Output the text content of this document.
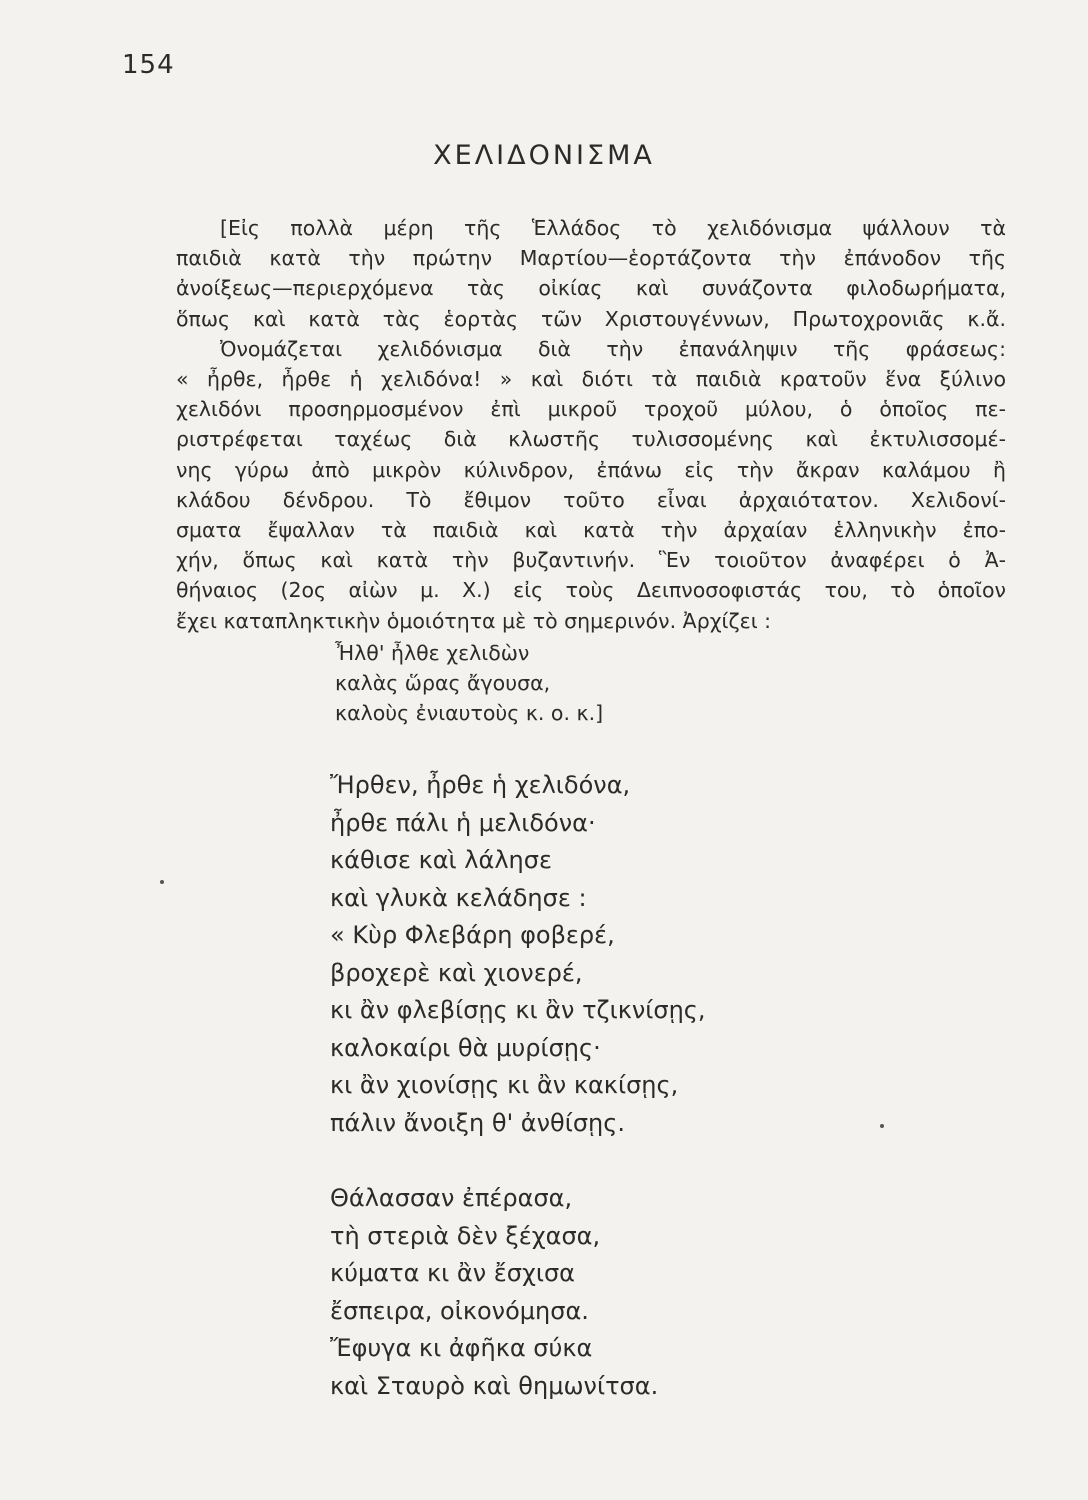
154
ΧΕΛΙΔΟΝΙΣΜΑ
[Εἰς πολλὰ μέρη τῆς Ἑλλάδος τὸ χελιδόνισμα ψάλλουν τὰ
παιδιὰ κατὰ τὴν πρώτην Μαρτίου—ἑορτάζοντα τὴν ἐπάνοδον τῆς
ἀνοίξεως—περιερχόμενα τὰς οἰκίας καὶ συνάζοντα φιλοδωρήματα,
ὅπως καὶ κατὰ τὰς ἑορτὰς τῶν Χριστουγέννων, Πρωτοχρονιᾶς κ.ἄ.
Ὀνομάζεται χελιδόνισμα διὰ τὴν ἐπανάληψιν τῆς φράσεως:
« ἦρθε, ἦρθε ἡ χελιδόνα! » καὶ διότι τὰ παιδιὰ κρατοῦν ἕνα ξύλινο
χελιδόνι προσηρμοσμένον ἐπὶ μικροῦ τροχοῦ μύλου, ὁ ὁποῖος πε-
ριστρέφεται ταχέως διὰ κλωστῆς τυλισσομένης καὶ ἐκτυλισσομέ-
νης γύρω ἀπὸ μικρὸν κύλινδρον, ἐπάνω εἰς τὴν ἄκραν καλάμου ἢ
κλάδου δένδρου. Τὸ ἔθιμον τοῦτο εἶναι ἀρχαιότατον. Χελιδονί-
σματα ἔψαλλαν τὰ παιδιὰ καὶ κατὰ τὴν ἀρχαίαν ἑλληνικὴν ἐπο-
χήν, ὅπως καὶ κατὰ τὴν βυζαντινήν. Ἓν τοιοῦτον ἀναφέρει ὁ Ἀ-
θήναιος (2ος αἰὼν μ. Χ.) εἰς τοὺς Δειπνοσοφιστάς του, τὸ ὁποῖον
ἔχει καταπληκτικὴν ὁμοιότητα μὲ τὸ σημερινόν. Ἀρχίζει :
Ἦλθ' ἦλθε χελιδὼν
καλὰς ὥρας ἄγουσα,
καλοὺς ἐνιαυτοὺς κ. ο. κ.]
Ἤρθεν, ἦρθε ἡ χελιδόνα,
ἦρθε πάλι ἡ μελιδόνα·
κάθισε καὶ λάλησε
καὶ γλυκὰ κελάδησε :
« Κὺρ Φλεβάρη φοβερέ,
βροχερὲ καὶ χιονερέ,
κι ἂν φλεβίσῃς κι ἂν τζικνίσῃς,
καλοκαίρι θὰ μυρίσῃς·
κι ἂν χιονίσῃς κι ἂν κακίσῃς,
πάλιν ἄνοιξη θ' ἀνθίσῃς.
Θάλασσαν ἐπέρασα,
τὴ στεριὰ δὲν ξέχασα,
κύματα κι ἂν ἔσχισα
ἔσπειρα, οἰκονόμησα.
Ἔφυγα κι ἀφῆκα σύκα
καὶ Σταυρὸ καὶ θημωνίτσα.
